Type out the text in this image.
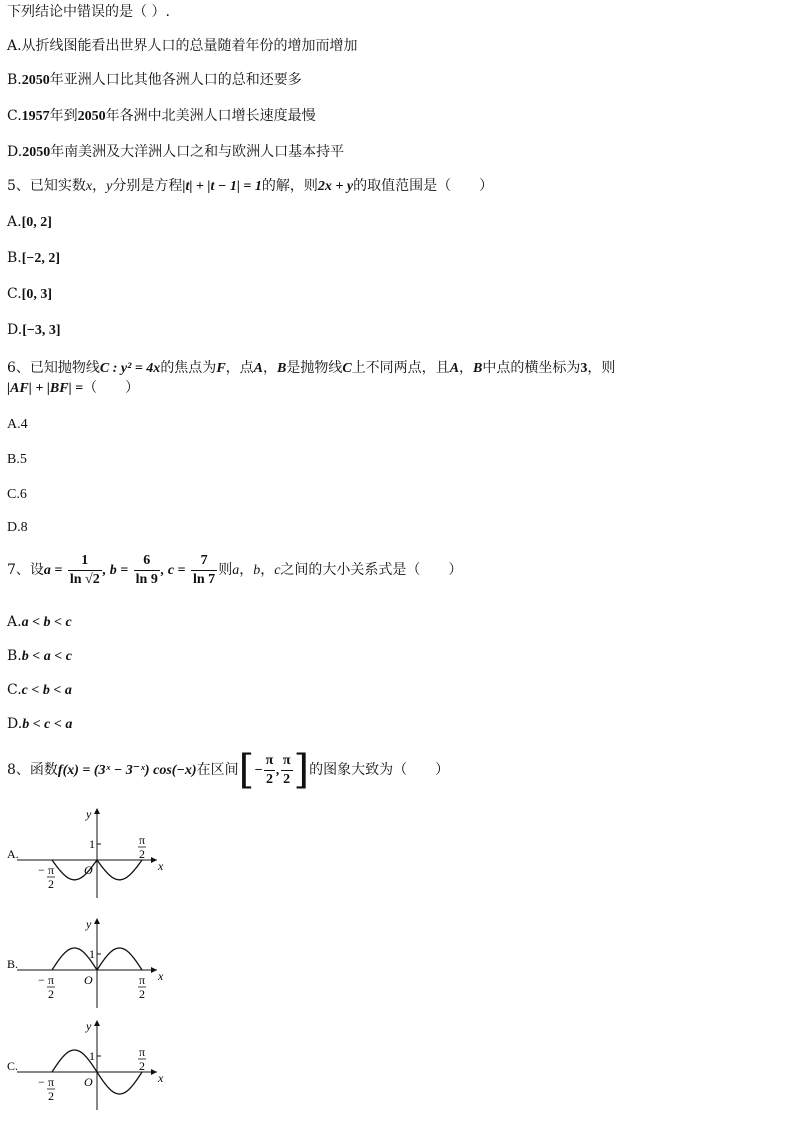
下列结论中错误的是（ ）.
A.从折线图能看出世界人口的总量随着年份的增加而增加
B.2050年亚洲人口比其他各洲人口的总和还要多
C.1957年到2050年各洲中北美洲人口增长速度最慢
D.2050年南美洲及大洋洲人口之和与欧洲人口基本持平
5、已知实数x，y分别是方程|t| + |t − 1| = 1的解，则2x + y的取值范围是（　　）
A.[0, 2]
B.[−2, 2]
C.[0, 3]
D.[−3, 3]
6、已知抛物线C : y² = 4x的焦点为F，点A，B是抛物线C上不同两点，且A，B中点的横坐标为3，则
|AF| + |BF| =（　　）
A.4
B.5
C.6
D.8
7、设$a = \frac{1}{\ln √2}$ , $b = \frac{6}{\ln 9}$ , $c = \frac{7}{\ln 7}$ 则a，b，c之间的大小关系式是（　　）
A.a < b < c
B.b < a < c
C.c < b < a
D.b < c < a
8、函数f(x) = (3ˣ − 3⁻ˣ) cos(−x)在区间[− $\frac{\pi}{2}$ , $\frac{\pi}{2}$ ]的图象大致为（　　）
A.
x
y
O
1	π
2
− π
2
B.
x
y
O
1
π
2
− π
2
C.
x
y
O
1	π
2
− π
2
